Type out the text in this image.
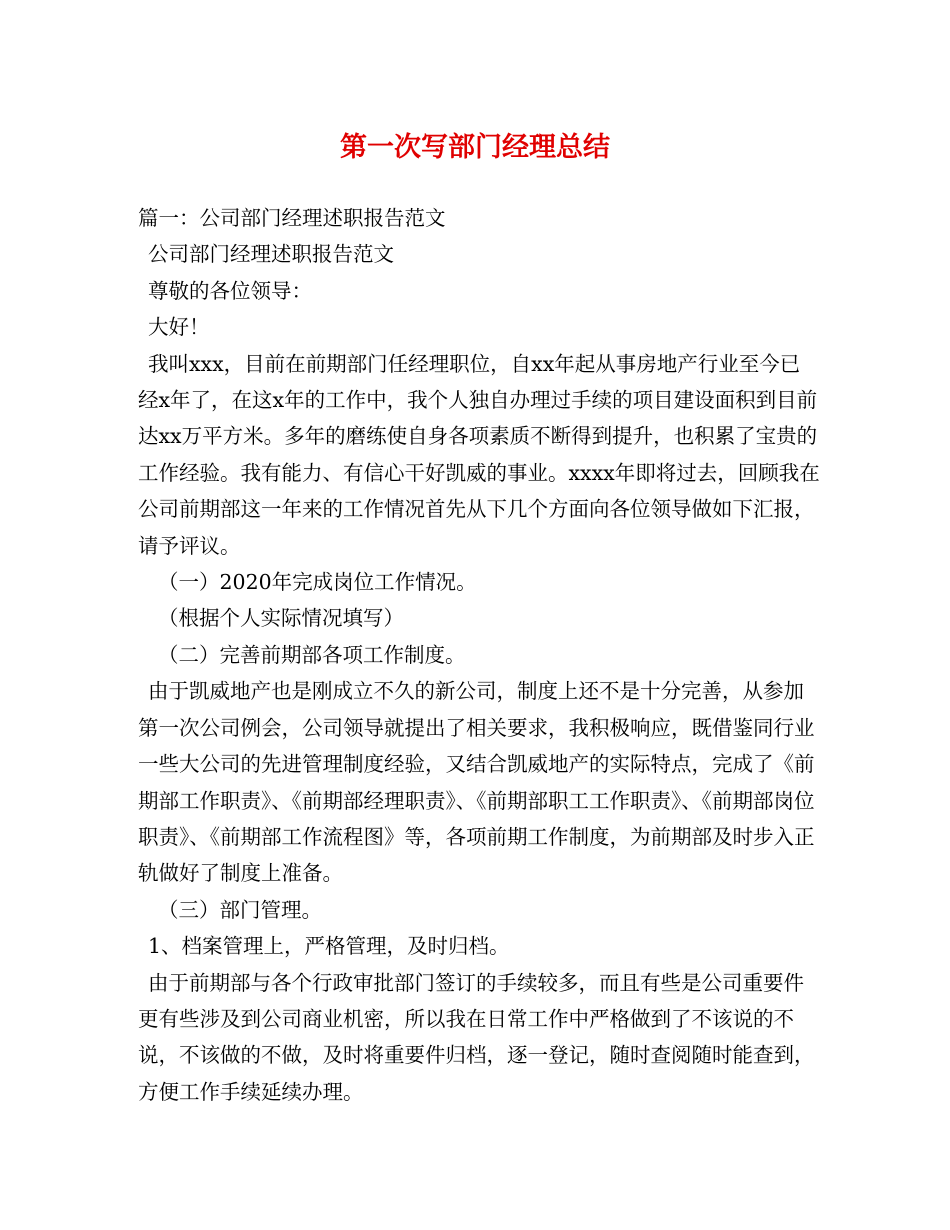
第一次写部门经理总结

篇一：公司部门经理述职报告范文

公司部门经理述职报告范文

尊敬的各位领导：

大好！

我叫xxx，目前在前期部门任经理职位，自xx年起从事房地产行业至今已经x年了，在这x年的工作中，我个人独自办理过手续的项目建设面积到目前达xx万平方米。多年的磨练使自身各项素质不断得到提升，也积累了宝贵的工作经验。我有能力、有信心干好凯威的事业。xxxx年即将过去，回顾我在公司前期部这一年来的工作情况首先从下几个方面向各位领导做如下汇报，请予评议。

（一）2020年完成岗位工作情况。

（根据个人实际情况填写）

（二）完善前期部各项工作制度。

由于凯威地产也是刚成立不久的新公司，制度上还不是十分完善，从参加第一次公司例会，公司领导就提出了相关要求，我积极响应，既借鉴同行业一些大公司的先进管理制度经验，又结合凯威地产的实际特点，完成了《前期部工作职责》、《前期部经理职责》、《前期部职工工作职责》、《前期部岗位职责》、《前期部工作流程图》等，各项前期工作制度，为前期部及时步入正轨做好了制度上准备。

（三）部门管理。

1、档案管理上，严格管理，及时归档。

由于前期部与各个行政审批部门签订的手续较多，而且有些是公司重要件更有些涉及到公司商业机密，所以我在日常工作中严格做到了不该说的不说，不该做的不做，及时将重要件归档，逐一登记，随时查阅随时能查到，方便工作手续延续办理。
